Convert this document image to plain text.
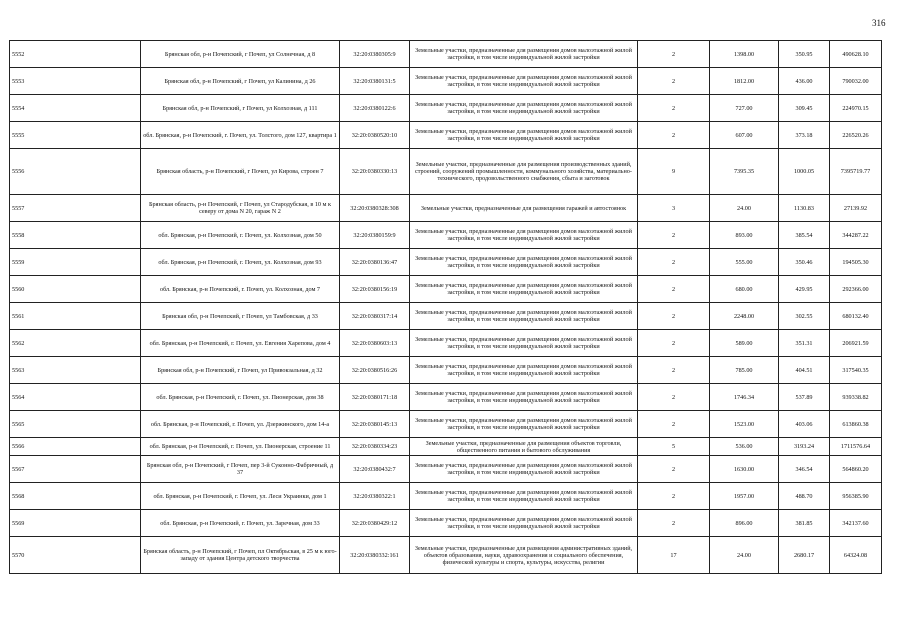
316
5552	Брянская обл, р-н Почепский, г Почеп, ул Солнечная, д 8	32:20:0380305:9	Земельные участки, предназначенные для размещения домов малоэтажной жилой застройки, в том числе индивидуальной жилой застройки	2	1398.00	350.95	490628.10
5553	Брянская обл, р-н Почепский, г Почеп, ул Калинина, д 26	32:20:0380131:5	Земельные участки, предназначенные для размещения домов малоэтажной жилой застройки, в том числе индивидуальной жилой застройки	2	1812.00	436.00	790032.00
5554	Брянская обл, р-н Почепский, г Почеп, ул Колхозная, д 111	32:20:0380122:6	Земельные участки, предназначенные для размещения домов малоэтажной жилой застройки, в том числе индивидуальной жилой застройки	2	727.00	309.45	224970.15
5555	обл. Брянская, р-н Почепский, г. Почеп, ул. Толстого, дом 127, квартира 1	32:20:0380520:10	Земельные участки, предназначенные для размещения домов малоэтажной жилой застройки, в том числе индивидуальной жилой застройки	2	607.00	373.18	226520.26
5556	Брянская область, р-н Почепский, г Почеп, ул Кирова, строен 7	32:20:0380330:13	Земельные участки, предназначенные для размещения производственных зданий, строений, сооружений промышленности, коммунального хозяйства, материально-технического, продовольственного снабжения, сбыта и заготовок	9	7395.35	1000.05	7395719.77
5557	Брянская область, р-н Почепский, г Почеп, ул Стародубская, в 10 м к северу от дома N 20, гараж N 2	32:20:0380328:308	Земельные участки, предназначенные для размещения гаражей и автостоянок	3	24.00	1130.83	27139.92
5558	обл. Брянская, р-н Почепский, г. Почеп, ул. Колхозная, дом 50	32:20:0380159:9	Земельные участки, предназначенные для размещения домов малоэтажной жилой застройки, в том числе индивидуальной жилой застройки	2	893.00	385.54	344287.22
5559	обл. Брянская, р-н Почепский, г. Почеп, ул. Колхозная, дом 93	32:20:0380136:47	Земельные участки, предназначенные для размещения домов малоэтажной жилой застройки, в том числе индивидуальной жилой застройки	2	555.00	350.46	194505.30
5560	обл. Брянская, р-н Почепский, г. Почеп, ул. Колхозная, дом 7	32:20:0380156:19	Земельные участки, предназначенные для размещения домов малоэтажной жилой застройки, в том числе индивидуальной жилой застройки	2	680.00	429.95	292366.00
5561	Брянская обл, р-н Почепский, г Почеп, ул Тамбовская, д 33	32:20:0380317:14	Земельные участки, предназначенные для размещения домов малоэтажной жилой застройки, в том числе индивидуальной жилой застройки	2	2248.00	302.55	680132.40
5562	обл. Брянская, р-н Почепский, г. Почеп, ул. Евгения Харепова, дом 4	32:20:0380603:13	Земельные участки, предназначенные для размещения домов малоэтажной жилой застройки, в том числе индивидуальной жилой застройки	2	589.00	351.31	206921.59
5563	Брянская обл, р-н Почепский, г Почеп, ул Привокзальная, д 32	32:20:0380516:26	Земельные участки, предназначенные для размещения домов малоэтажной жилой застройки, в том числе индивидуальной жилой застройки	2	785.00	404.51	317540.35
5564	обл. Брянская, р-н Почепский, г. Почеп, ул. Пионерская, дом 38	32:20:0380171:18	Земельные участки, предназначенные для размещения домов малоэтажной жилой застройки, в том числе индивидуальной жилой застройки	2	1746.34	537.89	939338.82
5565	обл. Брянская, р-н Почепский, г. Почеп, ул. Дзержинского, дом 14-а	32:20:0380145:13	Земельные участки, предназначенные для размещения домов малоэтажной жилой застройки, в том числе индивидуальной жилой застройки	2	1523.00	403.06	613860.38
5566	обл. Брянская, р-н Почепский, г. Почеп, ул. Пионерская, строение 11	32:20:0380334:23	Земельные участки, предназначенные для размещения объектов торговли, общественного питания и бытового обслуживания	5	536.00	3193.24	1711576.64
5567	Брянская обл, р-н Почепский, г Почеп, пер 3-й Суконно-Фабричный, д 37	32:20:0380432:7	Земельные участки, предназначенные для размещения домов малоэтажной жилой застройки, в том числе индивидуальной жилой застройки	2	1630.00	346.54	564860.20
5568	обл. Брянская, р-н Почепский, г. Почеп, ул. Леси Украинки, дом 1	32:20:0380322:1	Земельные участки, предназначенные для размещения домов малоэтажной жилой застройки, в том числе индивидуальной жилой застройки	2	1957.00	488.70	956385.90
5569	обл. Брянская, р-н Почепский, г. Почеп, ул. Заречная, дом 33	32:20:0380429:12	Земельные участки, предназначенные для размещения домов малоэтажной жилой застройки, в том числе индивидуальной жилой застройки	2	896.00	381.85	342137.60
5570	Брянская область, р-н Почепский, г Почеп, пл Октябрьская, в 25 м к юго-западу от здания Центра детского творчества	32:20:0380332:161	Земельные участки, предназначенные для размещения административных зданий, объектов образования, науки, здравоохранения и социального обеспечения, физической культуры и спорта, культуры, искусства, религии	17	24.00	2680.17	64324.08
